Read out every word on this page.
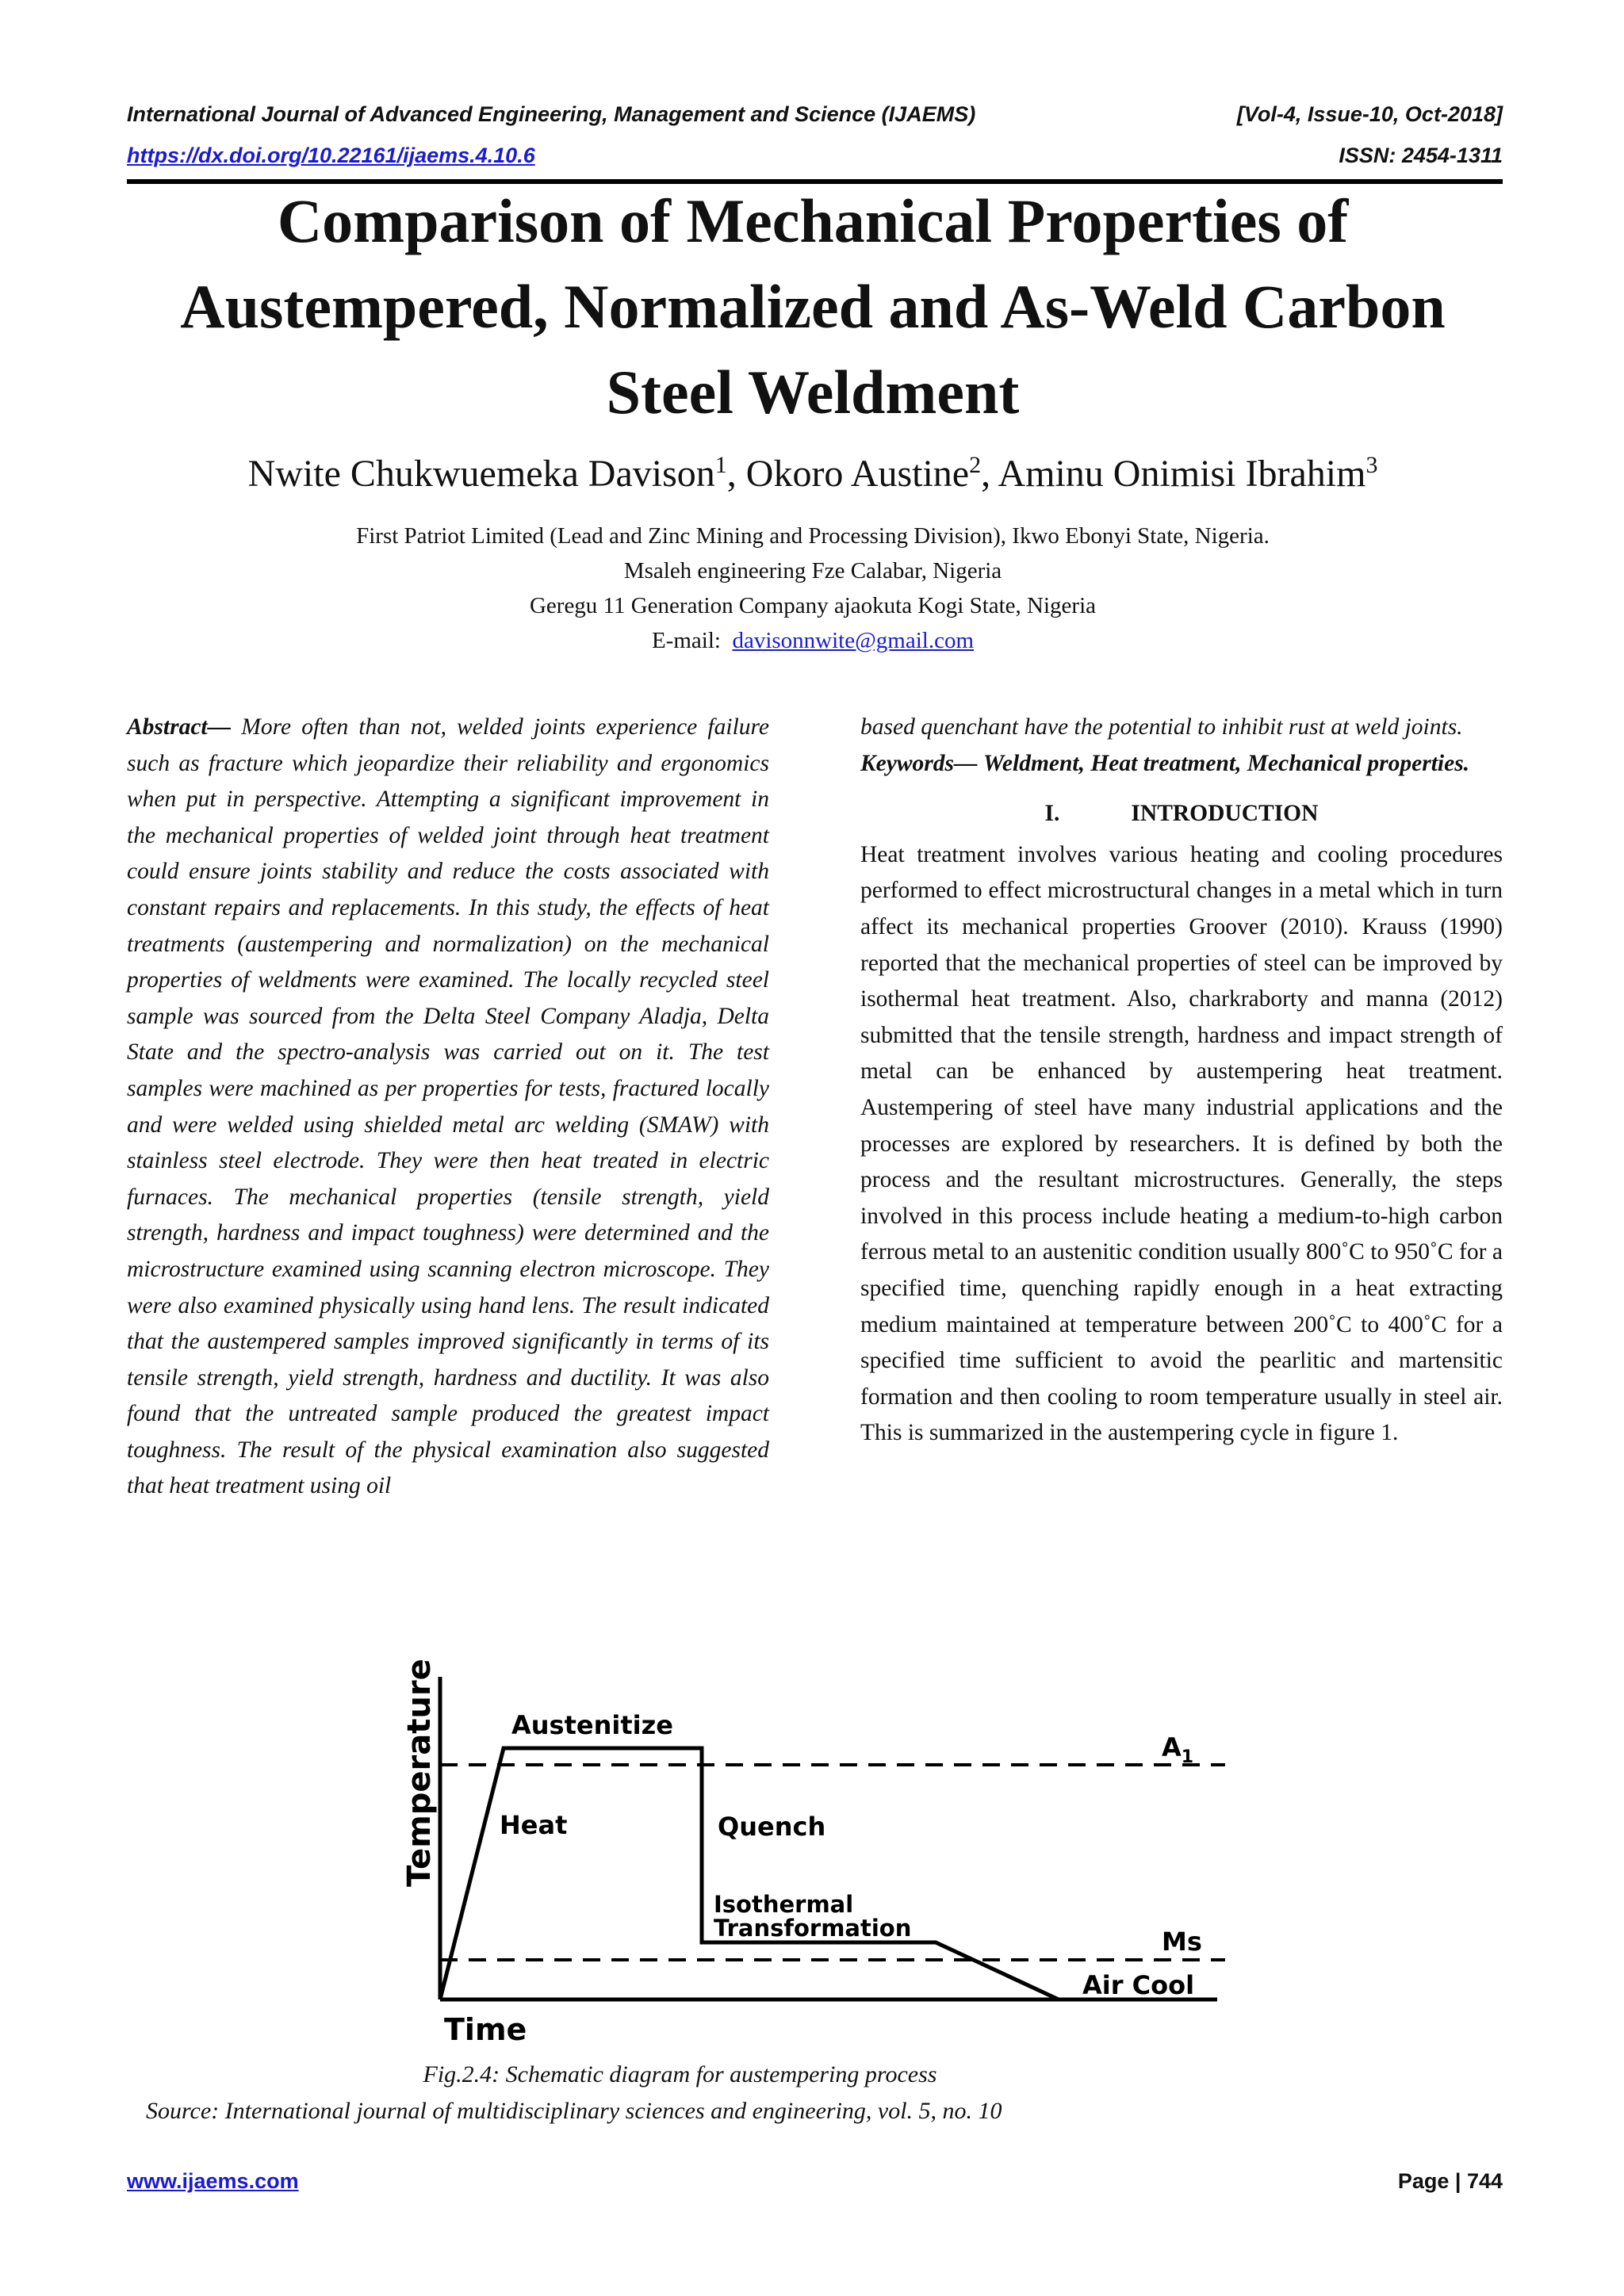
International Journal of Advanced Engineering, Management and Science (IJAEMS)	[Vol-4, Issue-10, Oct-2018]
https://dx.doi.org/10.22161/ijaems.4.10.6	ISSN: 2454-1311
Comparison of Mechanical Properties of
Austempered, Normalized and As-Weld Carbon
Steel Weldment
Nwite Chukwuemeka Davison$^1$, Okoro Austine$^2$, Aminu Onimisi Ibrahim$^3$
First Patriot Limited (Lead and Zinc Mining and Processing Division), Ikwo Ebonyi State, Nigeria.
Msaleh engineering Fze Calabar, Nigeria
Geregu 11 Generation Company ajaokuta Kogi State, Nigeria
E-mail: davisonnwite@gmail.com

Abstract— More often than not, welded joints experience failure such as fracture which jeopardize their reliability and ergonomics when put in perspective. Attempting a significant improvement in the mechanical properties of welded joint through heat treatment could ensure joints stability and reduce the costs associated with constant repairs and replacements. In this study, the effects of heat treatments (austempering and normalization) on the mechanical properties of weldments were examined. The locally recycled steel sample was sourced from the Delta Steel Company Aladja, Delta State and the spectro-analysis was carried out on it. The test samples were machined as per properties for tests, fractured locally and were welded using shielded metal arc welding (SMAW) with stainless steel electrode. They were then heat treated in electric furnaces. The mechanical properties (tensile strength, yield strength, hardness and impact toughness) were determined and the microstructure examined using scanning electron microscope. They were also examined physically using hand lens. The result indicated that the austempered samples improved significantly in terms of its tensile strength, yield strength, hardness and ductility. It was also found that the untreated sample produced the greatest impact toughness. The result of the physical examination also suggested that heat treatment using oil

based quenchant have the potential to inhibit rust at weld joints.

Keywords— Weldment, Heat treatment, Mechanical properties.

I.	INTRODUCTION

Heat treatment involves various heating and cooling procedures performed to effect microstructural changes in a metal which in turn affect its mechanical properties Groover (2010). Krauss (1990) reported that the mechanical properties of steel can be improved by isothermal heat treatment. Also, charkraborty and manna (2012) submitted that the tensile strength, hardness and impact strength of metal can be enhanced by austempering heat treatment. Austempering of steel have many industrial applications and the processes are explored by researchers. It is defined by both the process and the resultant microstructures. Generally, the steps involved in this process include heating a medium-to-high carbon ferrous metal to an austenitic condition usually 800˚C to 950˚C for a specified time, quenching rapidly enough in a heat extracting medium maintained at temperature between 200˚C to 400˚C for a specified time sufficient to avoid the pearlitic and martensitic formation and then cooling to room temperature usually in steel air. This is summarized in the austempering cycle in figure 1.

Temperature
Time
Austenitize
Heat	Quench
Isothermal
Transformation
$A_1$
Ms
Air Cool
Fig.2.4: Schematic diagram for austempering process
Source: International journal of multidisciplinary sciences and engineering, vol. 5, no. 10
www.ijaems.com	Page | 744
